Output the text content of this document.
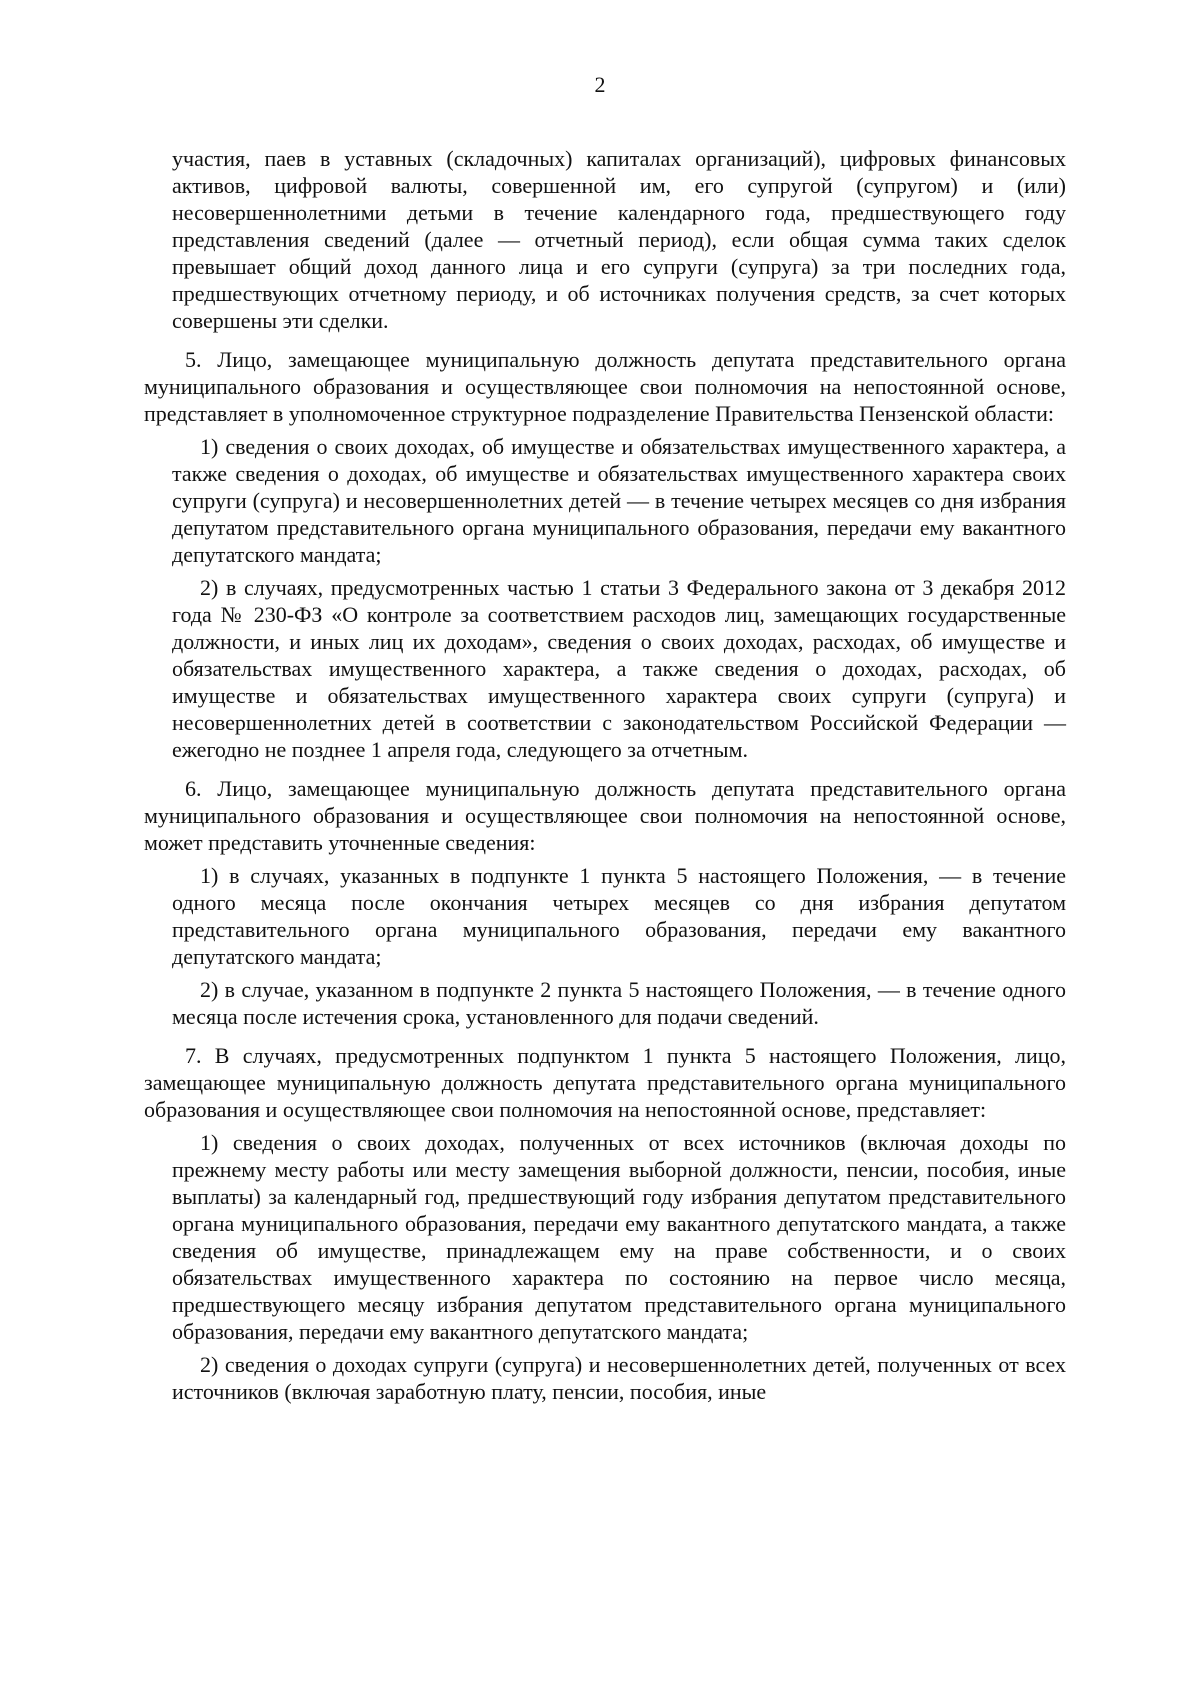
2

участия, паев в уставных (складочных) капиталах организаций), цифровых финансовых активов, цифровой валюты, совершенной им, его супругой (супругом) и (или) несовершеннолетними детьми в течение календарного года, предшествующего году представления сведений (далее — отчетный период), если общая сумма таких сделок превышает общий доход данного лица и его супруги (супруга) за три последних года, предшествующих отчетному периоду, и об источниках получения средств, за счет которых совершены эти сделки.

5. Лицо, замещающее муниципальную должность депутата представительного органа муниципального образования и осуществляющее свои полномочия на непостоянной основе, представляет в уполномоченное структурное подразделение Правительства Пензенской области:

1) сведения о своих доходах, об имуществе и обязательствах имущественного характера, а также сведения о доходах, об имуществе и обязательствах имущественного характера своих супруги (супруга) и несовершеннолетних детей — в течение четырех месяцев со дня избрания депутатом представительного органа муниципального образования, передачи ему вакантного депутатского мандата;

2) в случаях, предусмотренных частью 1 статьи 3 Федерального закона от 3 декабря 2012 года № 230-ФЗ «О контроле за соответствием расходов лиц, замещающих государственные должности, и иных лиц их доходам», сведения о своих доходах, расходах, об имуществе и обязательствах имущественного характера, а также сведения о доходах, расходах, об имуществе и обязательствах имущественного характера своих супруги (супруга) и несовершеннолетних детей в соответствии с законодательством Российской Федерации — ежегодно не позднее 1 апреля года, следующего за отчетным.

6. Лицо, замещающее муниципальную должность депутата представительного органа муниципального образования и осуществляющее свои полномочия на непостоянной основе, может представить уточненные сведения:

1) в случаях, указанных в подпункте 1 пункта 5 настоящего Положения, — в течение одного месяца после окончания четырех месяцев со дня избрания депутатом представительного органа муниципального образования, передачи ему вакантного депутатского мандата;

2) в случае, указанном в подпункте 2 пункта 5 настоящего Положения, — в течение одного месяца после истечения срока, установленного для подачи сведений.

7. В случаях, предусмотренных подпунктом 1 пункта 5 настоящего Положения, лицо, замещающее муниципальную должность депутата представительного органа муниципального образования и осуществляющее свои полномочия на непостоянной основе, представляет:

1) сведения о своих доходах, полученных от всех источников (включая доходы по прежнему месту работы или месту замещения выборной должности, пенсии, пособия, иные выплаты) за календарный год, предшествующий году избрания депутатом представительного органа муниципального образования, передачи ему вакантного депутатского мандата, а также сведения об имуществе, принадлежащем ему на праве собственности, и о своих обязательствах имущественного характера по состоянию на первое число месяца, предшествующего месяцу избрания депутатом представительного органа муниципального образования, передачи ему вакантного депутатского мандата;

2) сведения о доходах супруги (супруга) и несовершеннолетних детей, полученных от всех источников (включая заработную плату, пенсии, пособия, иные
